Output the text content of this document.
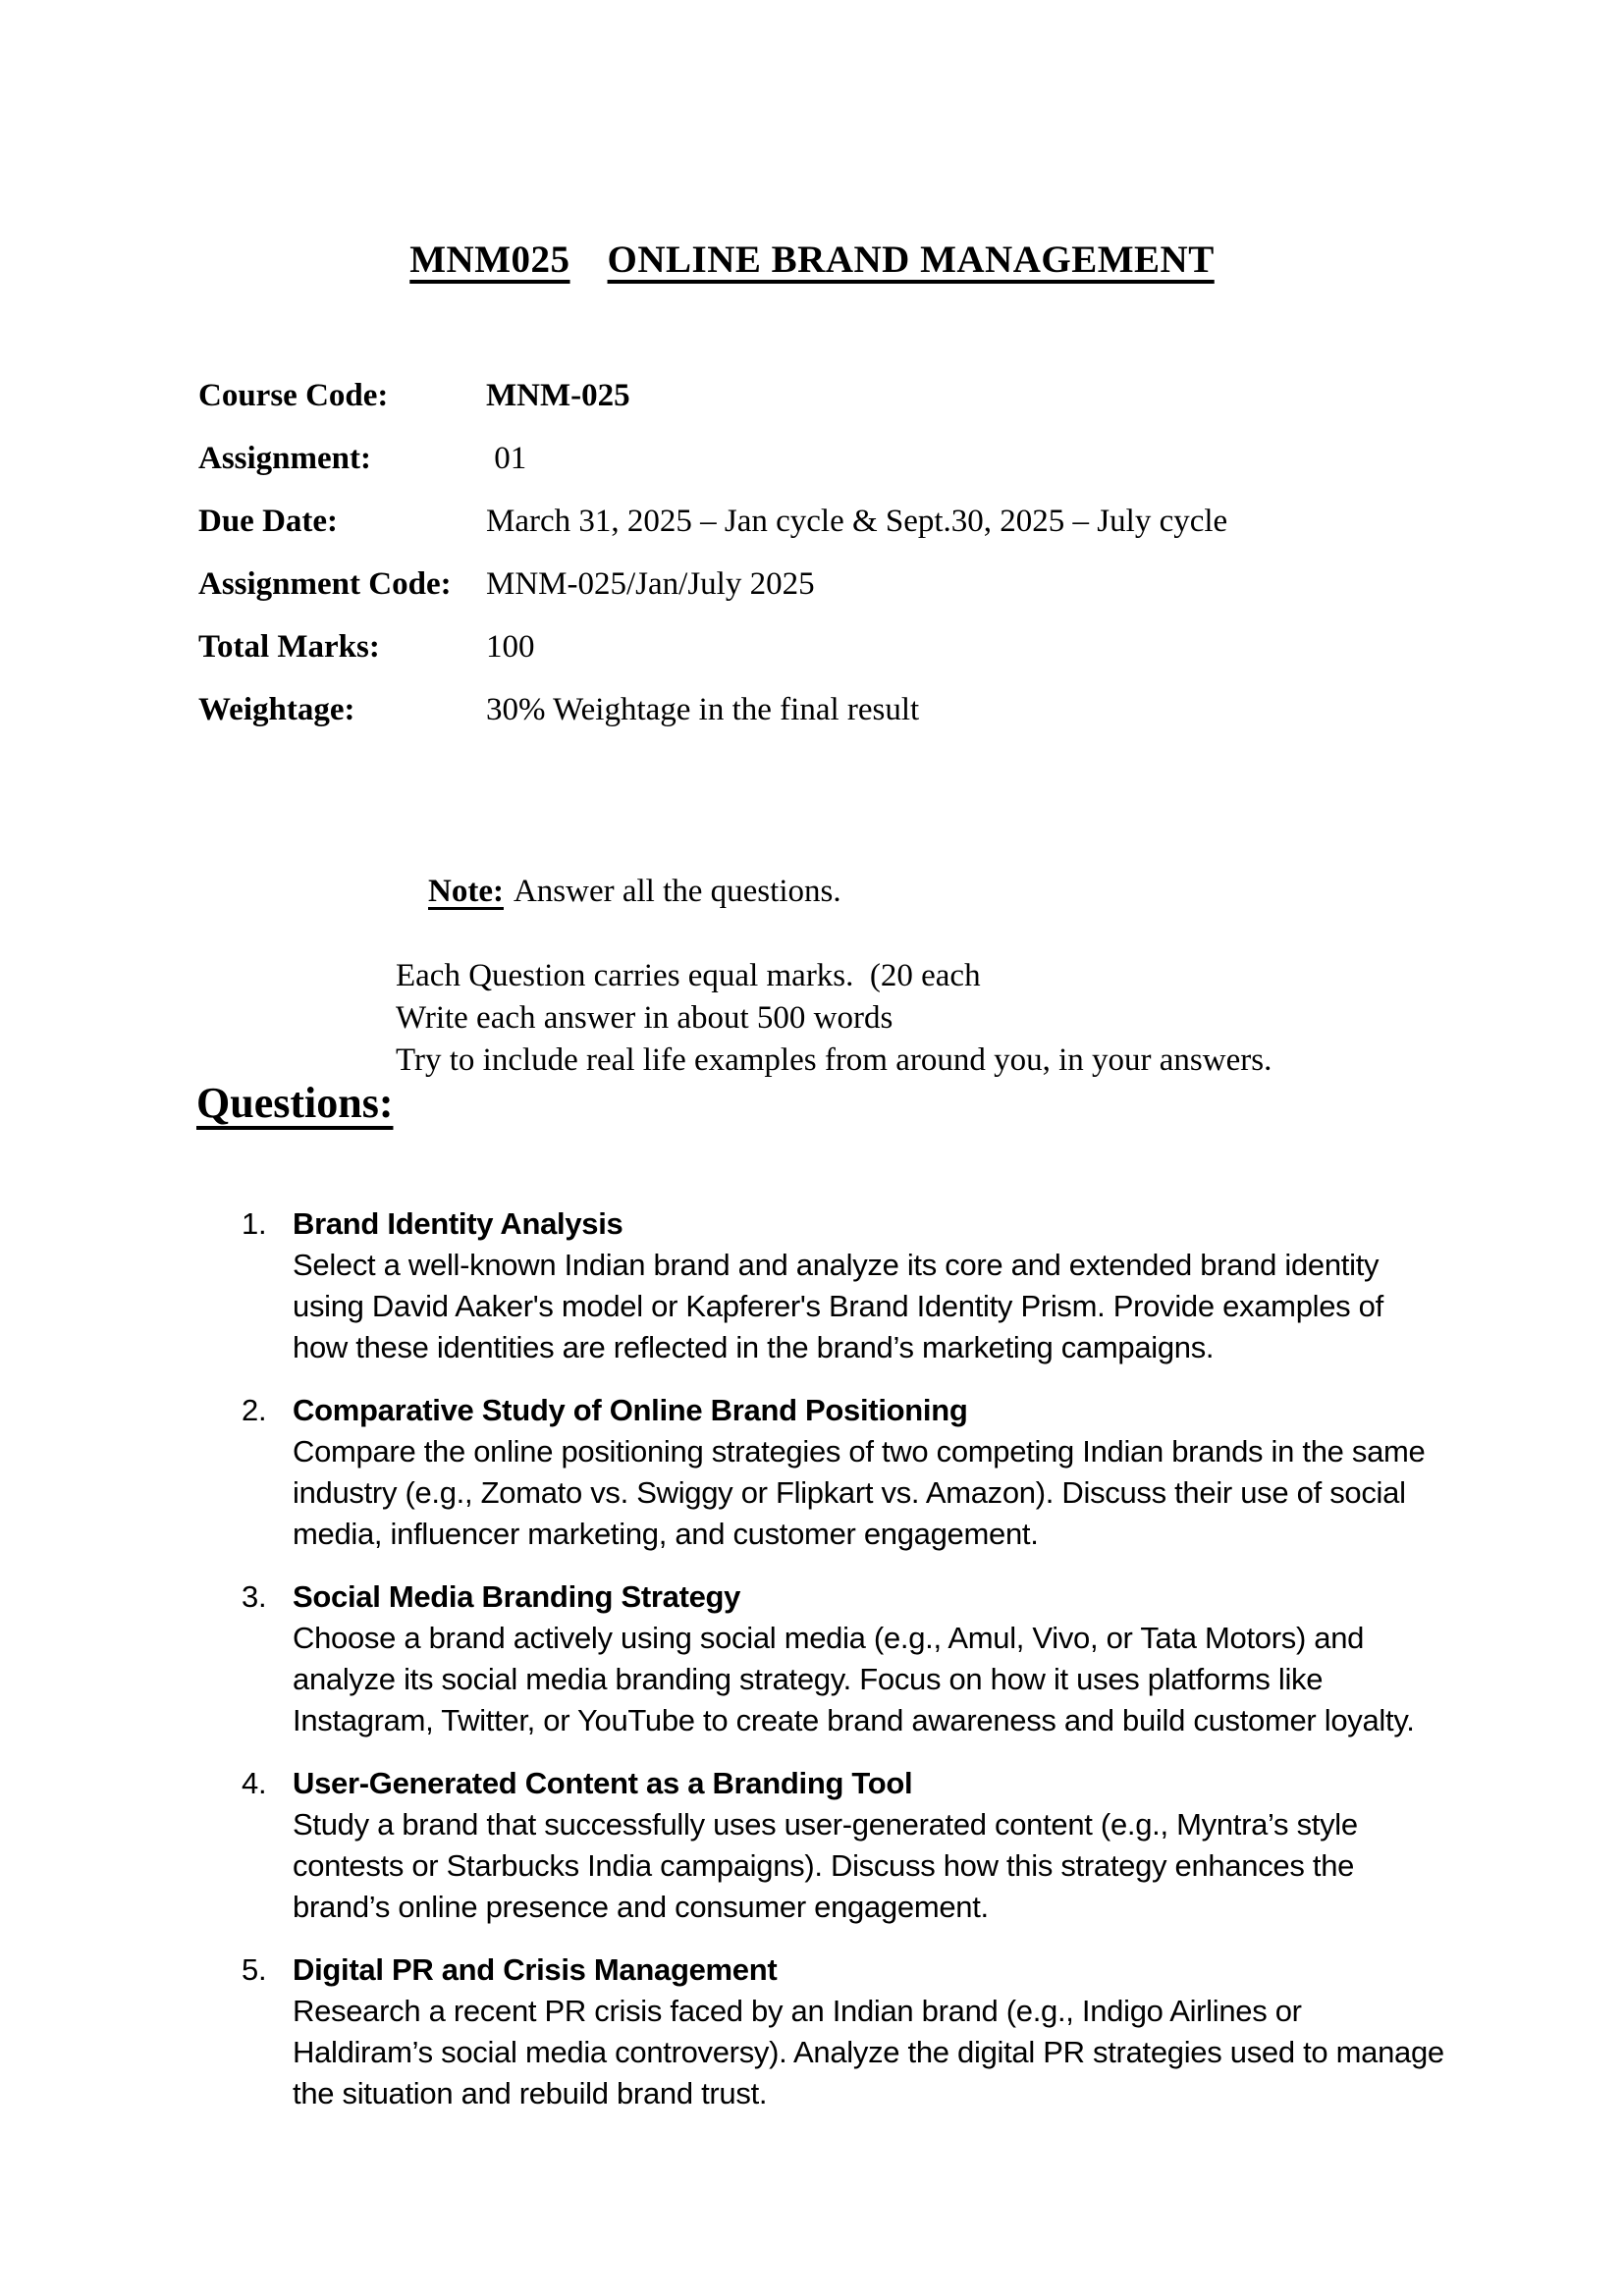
MNM025 ONLINE BRAND MANAGEMENT
Course Code:	MNM-025
Assignment:	01
Due Date:	March 31, 2025 – Jan cycle & Sept.30, 2025 – July cycle
Assignment Code:	MNM-025/Jan/July 2025
Total Marks:	100
Weightage:	30% Weightage in the final result

Note: Answer all the questions.

Each Question carries equal marks.  (20 each
Write each answer in about 500 words
Try to include real life examples from around you, in your answers.
Questions:
1. Brand Identity Analysis
Select a well-known Indian brand and analyze its core and extended brand identity using David Aaker's model or Kapferer's Brand Identity Prism. Provide examples of how these identities are reflected in the brand’s marketing campaigns.
2. Comparative Study of Online Brand Positioning
Compare the online positioning strategies of two competing Indian brands in the same industry (e.g., Zomato vs. Swiggy or Flipkart vs. Amazon). Discuss their use of social media, influencer marketing, and customer engagement.
3. Social Media Branding Strategy
Choose a brand actively using social media (e.g., Amul, Vivo, or Tata Motors) and analyze its social media branding strategy. Focus on how it uses platforms like Instagram, Twitter, or YouTube to create brand awareness and build customer loyalty.
4. User-Generated Content as a Branding Tool
Study a brand that successfully uses user-generated content (e.g., Myntra’s style contests or Starbucks India campaigns). Discuss how this strategy enhances the brand’s online presence and consumer engagement.
5. Digital PR and Crisis Management
Research a recent PR crisis faced by an Indian brand (e.g., Indigo Airlines or Haldiram’s social media controversy). Analyze the digital PR strategies used to manage the situation and rebuild brand trust.
